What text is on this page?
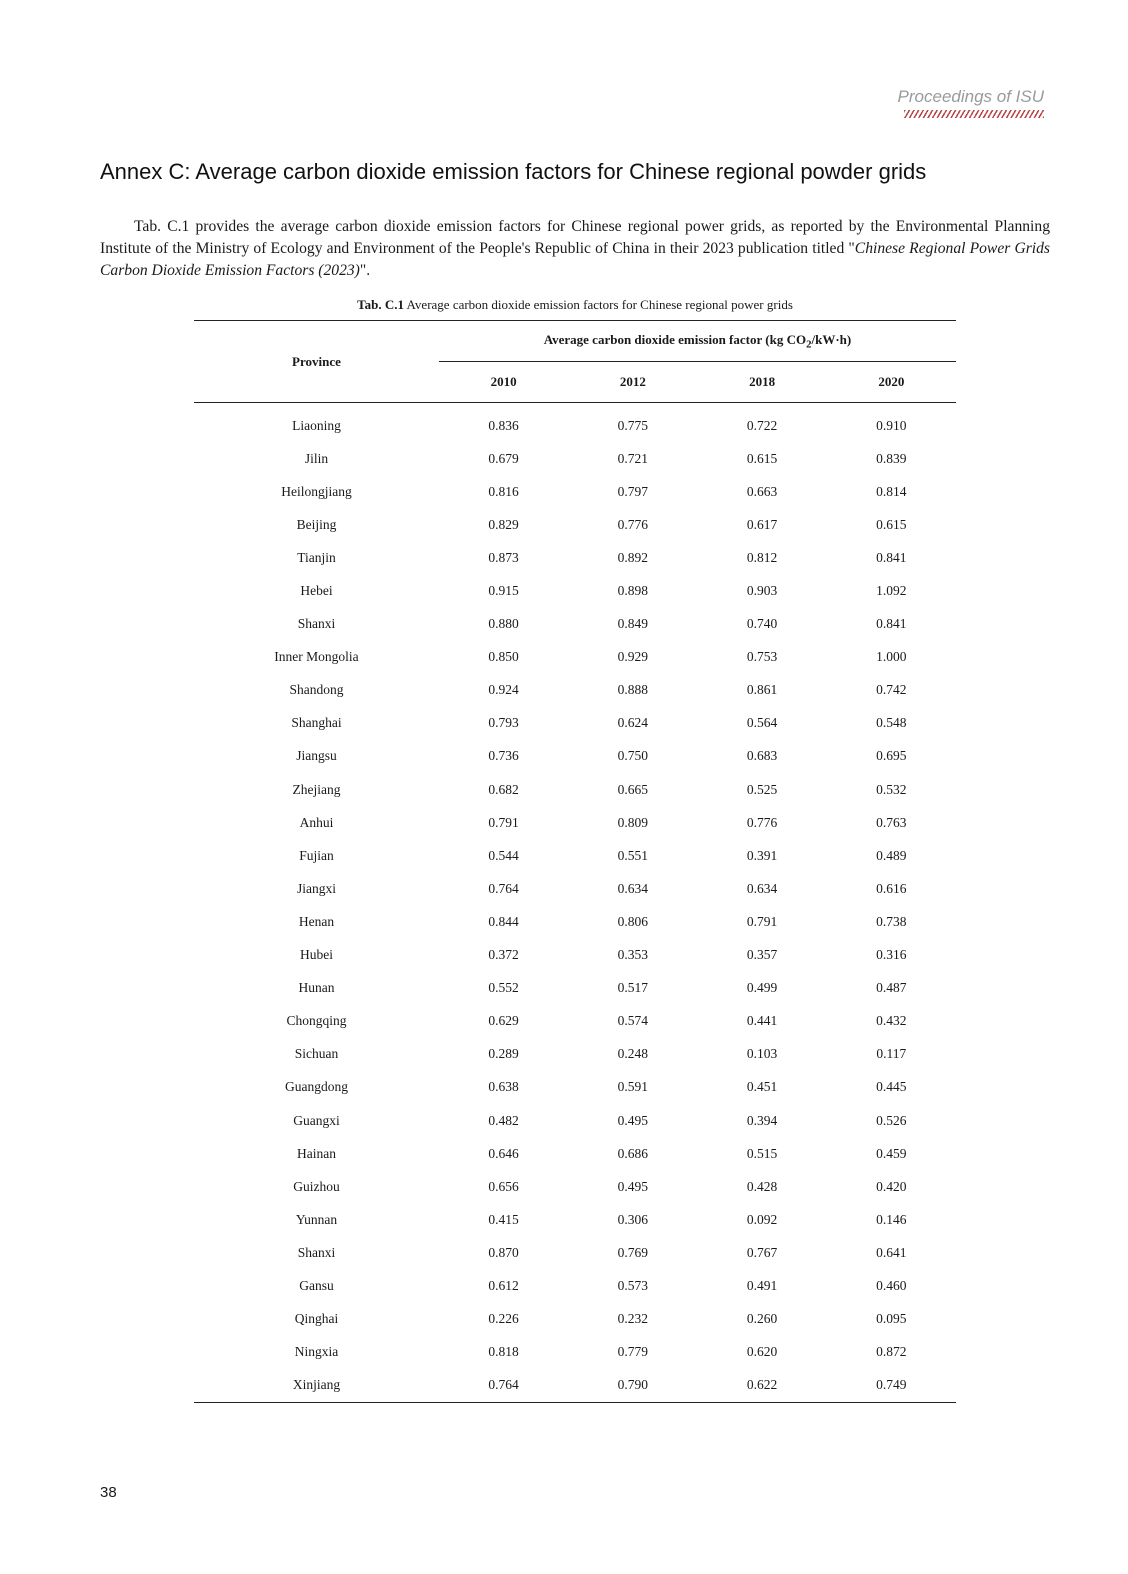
Proceedings of ISU
Annex C: Average carbon dioxide emission factors for Chinese regional powder grids

Tab. C.1 provides the average carbon dioxide emission factors for Chinese regional power grids, as reported by the Environmental Planning Institute of the Ministry of Ecology and Environment of the People's Republic of China in their 2023 publication titled "Chinese Regional Power Grids Carbon Dioxide Emission Factors (2023)".

Tab. C.1 Average carbon dioxide emission factors for Chinese regional power grids

Province	Average carbon dioxide emission factor (kg $CO_2/kW\cdot h$)			
	2010	2012	2018	2020
Liaoning	0.836	0.775	0.722	0.910
Jilin	0.679	0.721	0.615	0.839
Heilongjiang	0.816	0.797	0.663	0.814
Beijing	0.829	0.776	0.617	0.615
Tianjin	0.873	0.892	0.812	0.841
Hebei	0.915	0.898	0.903	1.092
Shanxi	0.880	0.849	0.740	0.841
Inner Mongolia	0.850	0.929	0.753	1.000
Shandong	0.924	0.888	0.861	0.742
Shanghai	0.793	0.624	0.564	0.548
Jiangsu	0.736	0.750	0.683	0.695
Zhejiang	0.682	0.665	0.525	0.532
Anhui	0.791	0.809	0.776	0.763
Fujian	0.544	0.551	0.391	0.489
Jiangxi	0.764	0.634	0.634	0.616
Henan	0.844	0.806	0.791	0.738
Hubei	0.372	0.353	0.357	0.316
Hunan	0.552	0.517	0.499	0.487
Chongqing	0.629	0.574	0.441	0.432
Sichuan	0.289	0.248	0.103	0.117
Guangdong	0.638	0.591	0.451	0.445
Guangxi	0.482	0.495	0.394	0.526
Hainan	0.646	0.686	0.515	0.459
Guizhou	0.656	0.495	0.428	0.420
Yunnan	0.415	0.306	0.092	0.146
Shanxi	0.870	0.769	0.767	0.641
Gansu	0.612	0.573	0.491	0.460
Qinghai	0.226	0.232	0.260	0.095
Ningxia	0.818	0.779	0.620	0.872
Xinjiang	0.764	0.790	0.622	0.749
38
